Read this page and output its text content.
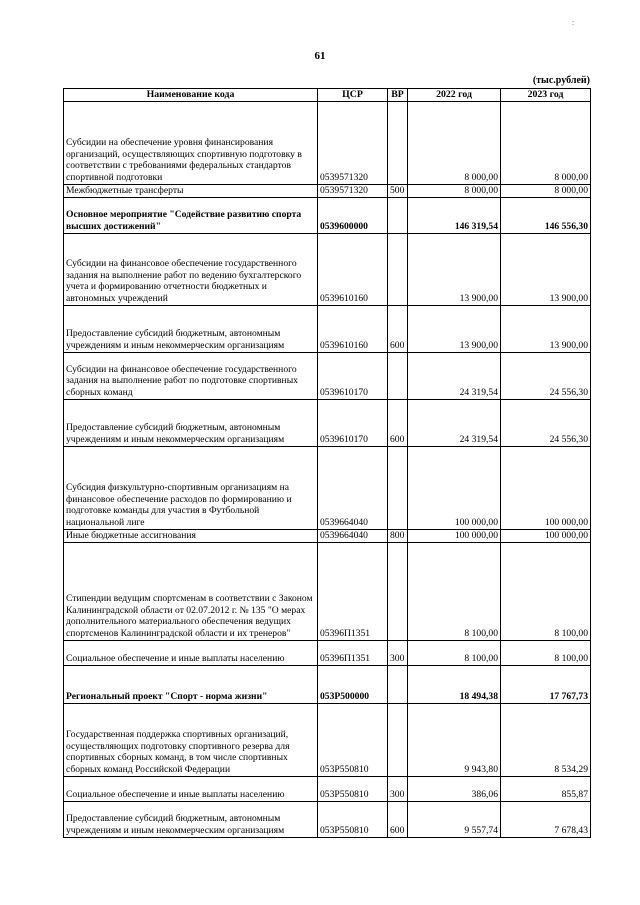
61
(тыс.рублей)
:
Наименование кода	ЦСР	ВР	2022 год	2023 год
Субсидии на обеспечение уровня финансирования организаций, осуществляющих спортивную подготовку в соответствии с требованиями федеральных стандартов спортивной подготовки	0539571320		8 000,00	8 000,00
Межбюджетные трансферты	0539571320	500	8 000,00	8 000,00
Основное мероприятие "Содействие развитию спорта высших достижений"	0539600000		146 319,54	146 556,30
Субсидии на финансовое обеспечение государственного задания на выполнение работ по ведению бухгалтерского учета и формированию отчетности бюджетных и автономных учреждений	0539610160		13 900,00	13 900,00
Предоставление субсидий бюджетным, автономным учреждениям и иным некоммерческим организациям	0539610160	600	13 900,00	13 900,00
Субсидии на финансовое обеспечение государственного задания на выполнение работ по подготовке спортивных сборных команд	0539610170		24 319,54	24 556,30
Предоставление субсидий бюджетным, автономным учреждениям и иным некоммерческим организациям	0539610170	600	24 319,54	24 556,30
Субсидия физкультурно-спортивным организациям на финансовое обеспечение расходов по формированию и подготовке команды для участия в Футбольной национальной лиге	0539664040		100 000,00	100 000,00
Иные бюджетные ассигнования	0539664040	800	100 000,00	100 000,00
Стипендии ведущим спортсменам в соответствии с Законом Калининградской области от 02.07.2012 г. № 135 "О мерах дополнительного материального обеспечения ведущих спортсменов Калининградской области и их тренеров"	05396П1351		8 100,00	8 100,00
Социальное обеспечение и иные выплаты населению	05396П1351	300	8 100,00	8 100,00
Региональный проект "Спорт - норма жизни"	053P500000		18 494,38	17 767,73
Государственная поддержка спортивных организаций, осуществляющих подготовку спортивного резерва для спортивных сборных команд, в том числе спортивных сборных команд Российской Федерации	053P550810		9 943,80	8 534,29
Социальное обеспечение и иные выплаты населению	053P550810	300	386,06	855,87
Предоставление субсидий бюджетным, автономным учреждениям и иным некоммерческим организациям	053P550810	600	9 557,74	7 678,43
